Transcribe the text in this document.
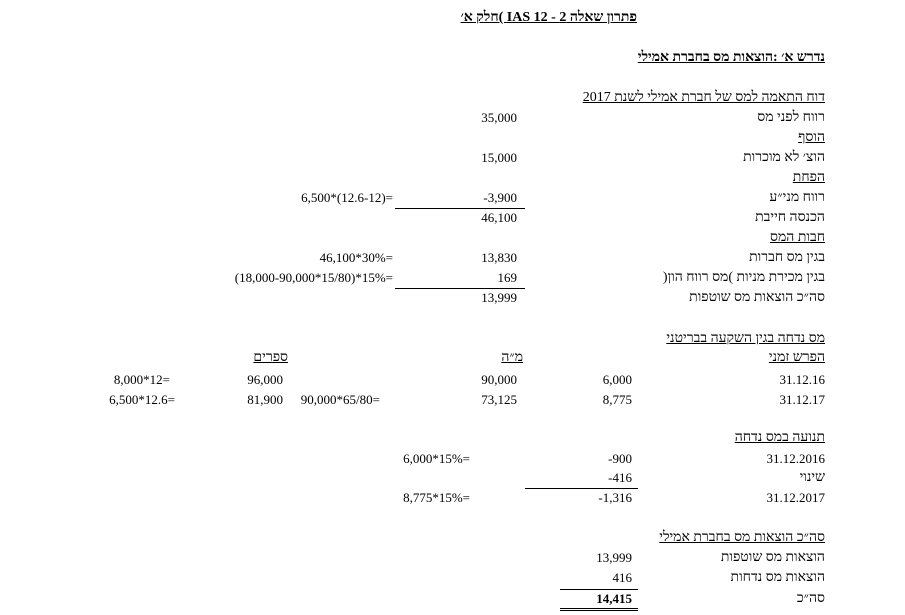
פתרון שאלה 2 - IAS 12 )חלק א׳
נדרש א׳ :הוצאות מס בחברת אמילי
דוח התאמה למס של חברת אמילי לשנת 2017
רווח לפני מס
35,000
הוסף
הוצ׳ לא מוכרות
15,000
הפחת
רווח מני״ע
-3,900
6,500*(12.6-12)=
הכנסה חייבת
46,100
חבות המס
בגין מס חברות
13,830
46,100*30%=
בגין מכירת מניות )מס רווח הון(
169
(18,000-90,000*15/80)*15%=
סה״כ הוצאות מס שוטפות
13,999
מס נדחה בגין השקעה בבריטני
הפרש זמני
מ״ה
ספרים
31.12.16
6,000
90,000
96,000
8,000*12=
31.12.17
8,775
73,125
90,000*65/80=
81,900
6,500*12.6=
תנועה במס נדחה
31.12.2016
-900
6,000*15%=
שינוי
-416
31.12.2017
-1,316
8,775*15%=
סה״כ הוצאות מס בחברת אמילי
הוצאות מס שוטפות
13,999
הוצאות מס נדחות
416
סה״כ
14,415
